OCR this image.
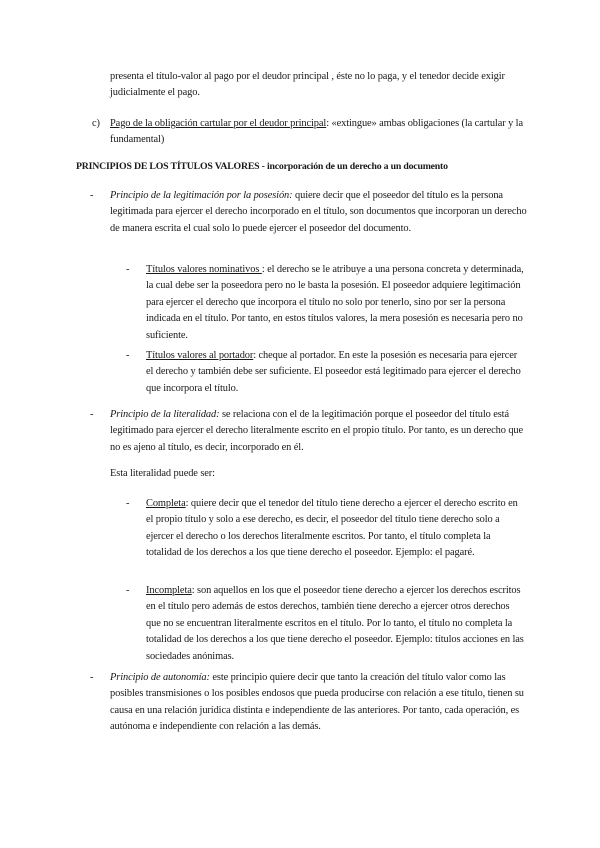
presenta el título-valor al pago por el deudor principal , éste no lo paga, y el tenedor decide exigir judicialmente el pago.
c) Pago de la obligación cartular por el deudor principal: «extingue» ambas obligaciones (la cartular y la fundamental)
PRINCIPIOS DE LOS TÍTULOS VALORES - incorporación de un derecho a un documento
- Principio de la legitimación por la posesión: quiere decir que el poseedor del título es la persona legitimada para ejercer el derecho incorporado en el título, son documentos que incorporan un derecho de manera escrita el cual solo lo puede ejercer el poseedor del documento.
- Títulos valores nominativos : el derecho se le atribuye a una persona concreta y determinada, la cual debe ser la poseedora pero no le basta la posesión. El poseedor adquiere legitimación para ejercer el derecho que incorpora el título no solo por tenerlo, sino por ser la persona indicada en el título. Por tanto, en estos títulos valores, la mera posesión es necesaria pero no suficiente.
- Títulos valores al portador: cheque al portador. En este la posesión es necesaria para ejercer el derecho y también debe ser suficiente. El poseedor está legitimado para ejercer el derecho que incorpora el título.
- Principio de la literalidad: se relaciona con el de la legitimación porque el poseedor del título está legitimado para ejercer el derecho literalmente escrito en el propio título. Por tanto, es un derecho que no es ajeno al título, es decir, incorporado en él.
Esta literalidad puede ser:
- Completa: quiere decir que el tenedor del título tiene derecho a ejercer el derecho escrito en el propio título y solo a ese derecho, es decir, el poseedor del título tiene derecho solo a ejercer el derecho o los derechos literalmente escritos. Por tanto, el título completa la totalidad de los derechos a los que tiene derecho el poseedor. Ejemplo: el pagaré.
- Incompleta: son aquellos en los que el poseedor tiene derecho a ejercer los derechos escritos en el título pero además de estos derechos, también tiene derecho a ejercer otros derechos que no se encuentran literalmente escritos en el título. Por lo tanto, el título no completa la totalidad de los derechos a los que tiene derecho el poseedor. Ejemplo: títulos acciones en las sociedades anónimas.
- Principio de autonomía: este principio quiere decir que tanto la creación del título valor como las posibles transmisiones o los posibles endosos que pueda producirse con relación a ese título, tienen su causa en una relación jurídica distinta e independiente de las anteriores. Por tanto, cada operación, es autónoma e independiente con relación a las demás.
